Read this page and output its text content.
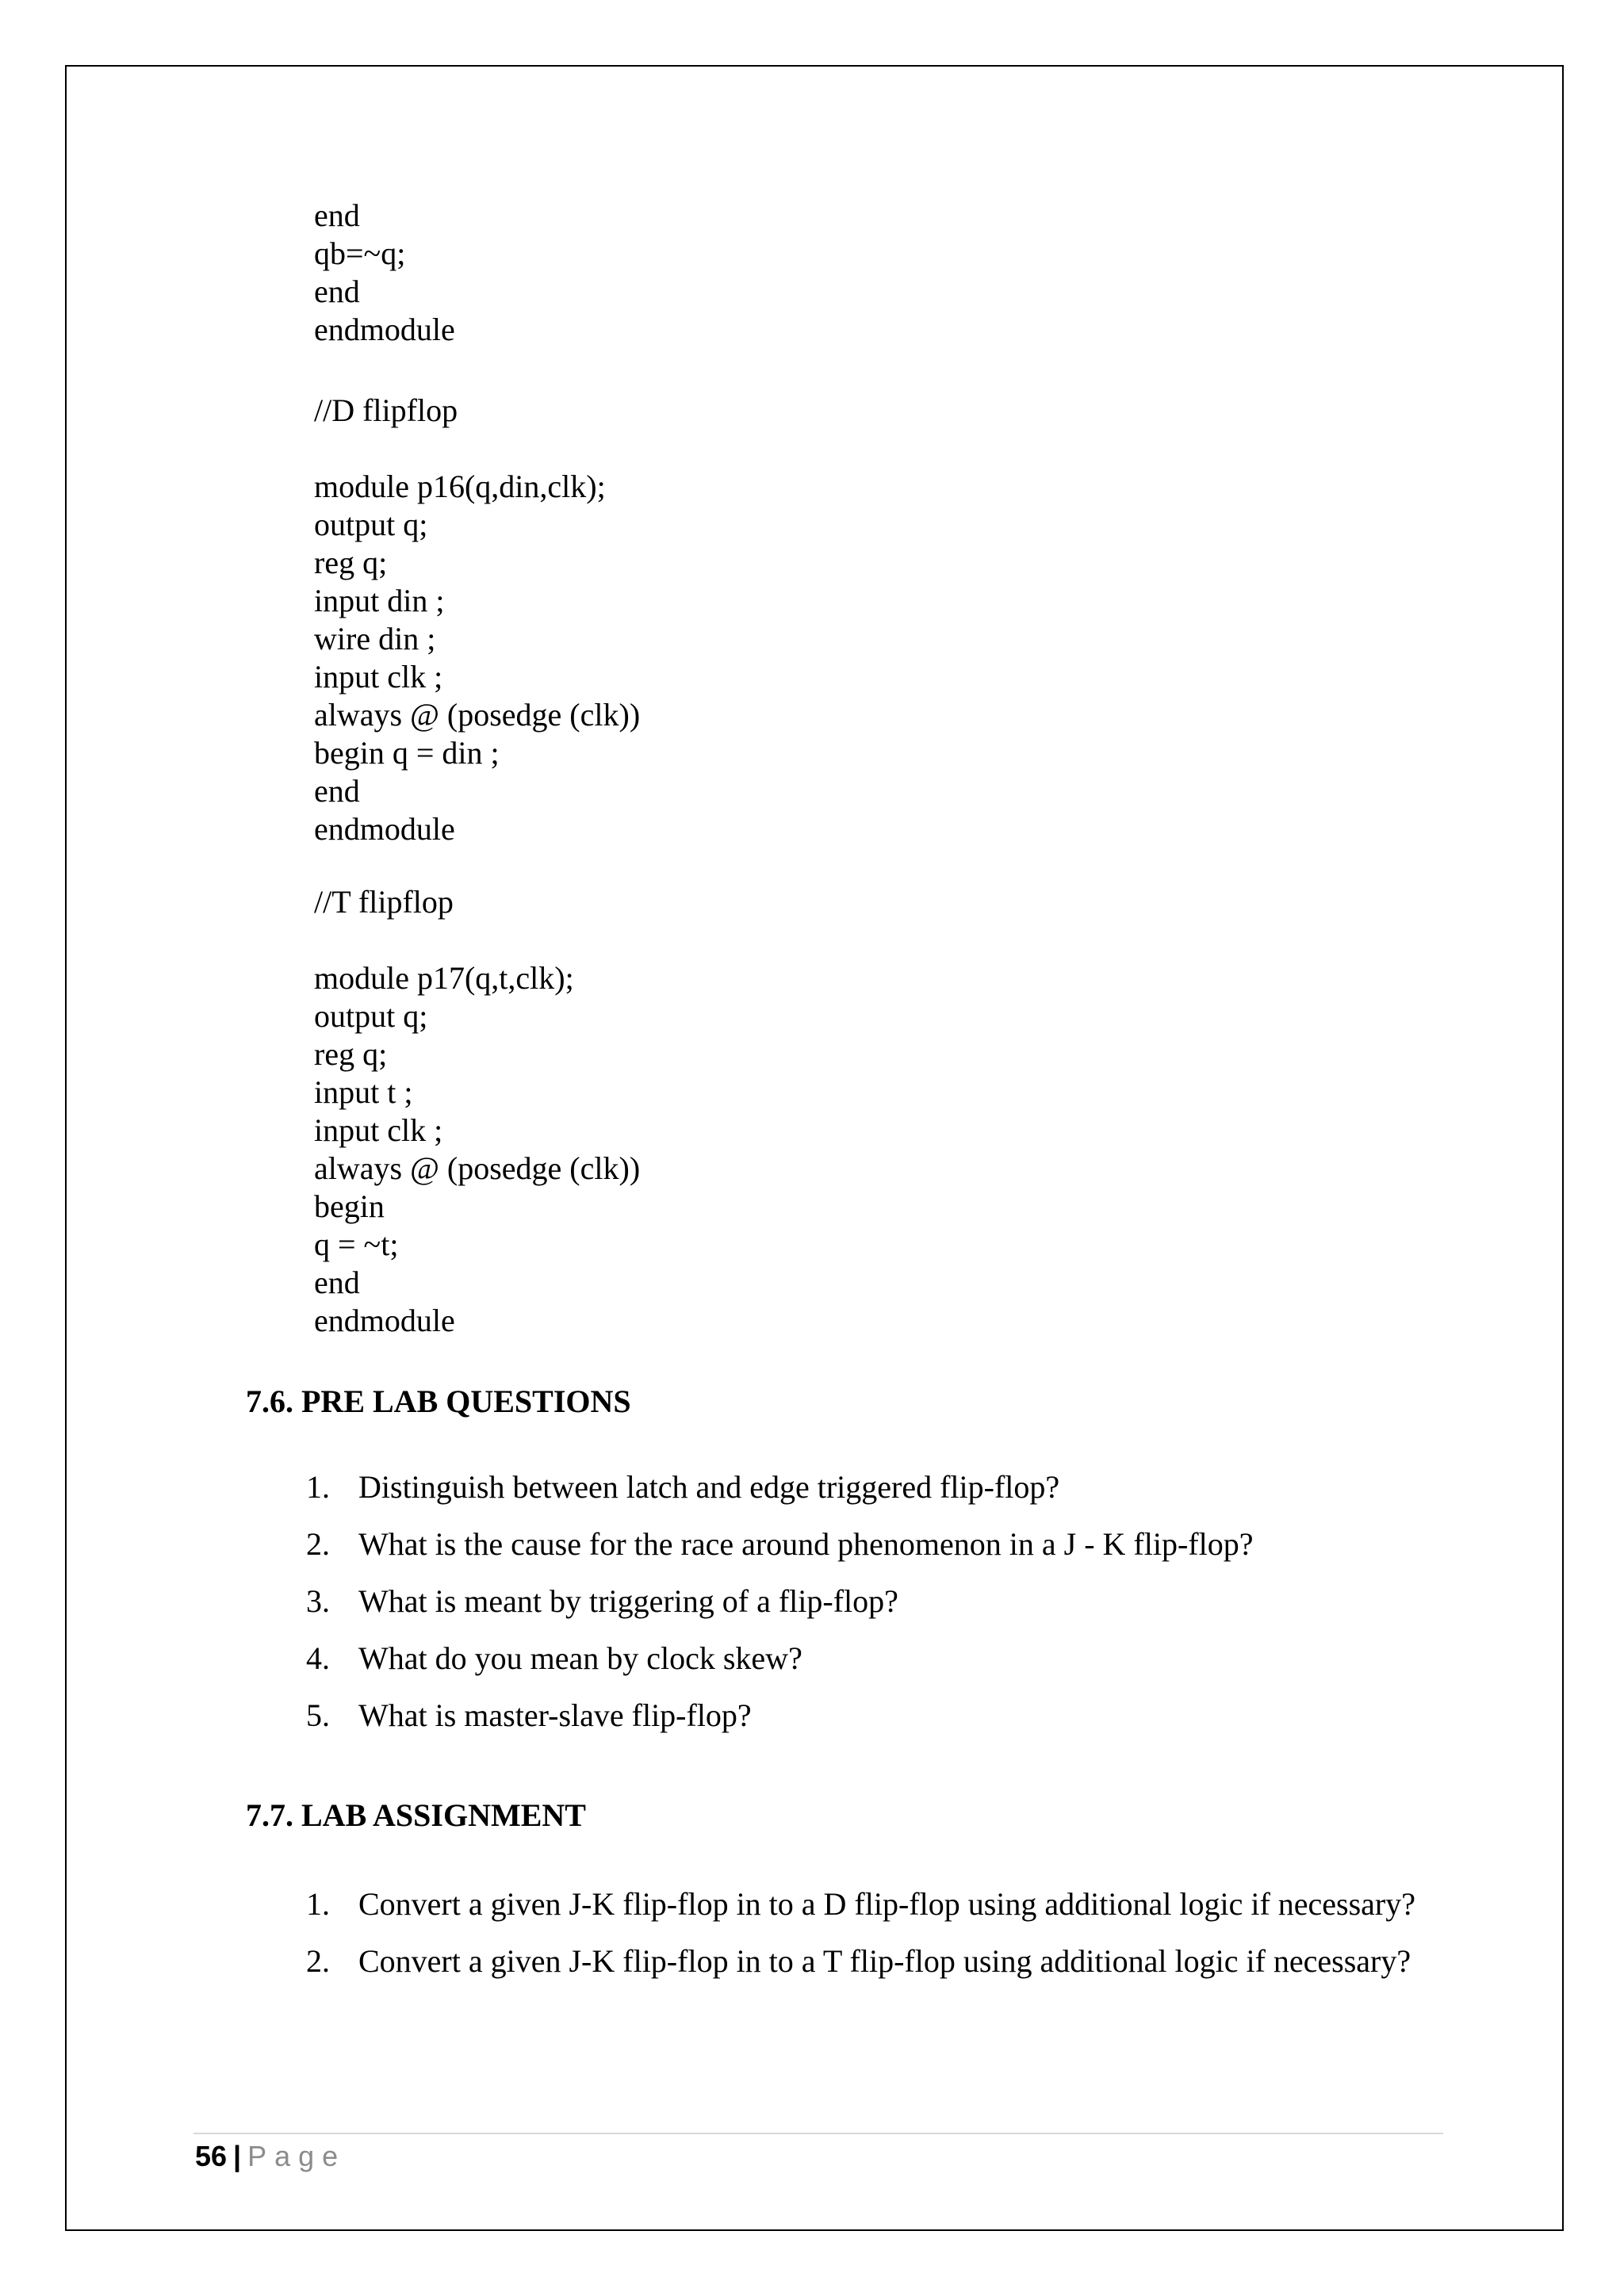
end
qb=~q;
end
endmodule
//D flipflop
module p16(q,din,clk);
output q;
reg q;
input din ;
wire din ;
input clk ;
always @ (posedge (clk))
begin q = din ;
end
endmodule
//T flipflop
module p17(q,t,clk);
output q;
reg q;
input t ;
input clk ;
always @ (posedge (clk))
begin
q = ~t;
end
endmodule
7.6. PRE LAB QUESTIONS
1. Distinguish between latch and edge triggered flip-flop?
2. What is the cause for the race around phenomenon in a J - K flip-flop?
3. What is meant by triggering of a flip-flop?
4. What do you mean by clock skew?
5. What is master-slave flip-flop?
7.7. LAB ASSIGNMENT
1. Convert a given J-K flip-flop in to a D flip-flop using additional logic if necessary?
2. Convert a given J-K flip-flop in to a T flip-flop using additional logic if necessary?
56 | Page
